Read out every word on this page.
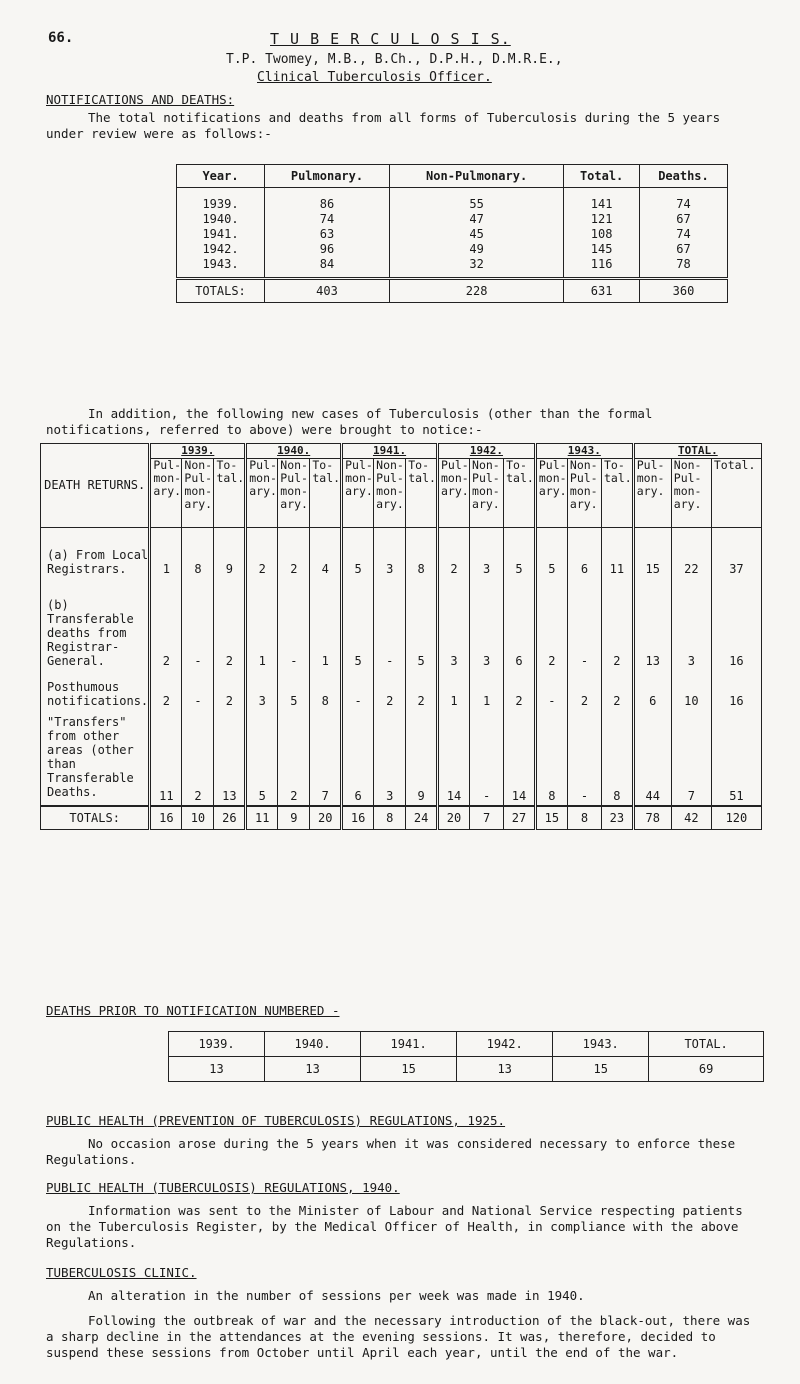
66.	T U B E R C U L O S I S.
T.P. Twomey, M.B., B.Ch., D.P.H., D.M.R.E.,
Clinical Tuberculosis Officer.
NOTIFICATIONS AND DEATHS:
The total notifications and deaths from all forms of Tuberculosis during the 5 years under review were as follows:-
Year.	Pulmonary.	Non-Pulmonary.	Total.	Deaths.
1939.	86	55	141	74
1940.	74	47	121	67
1941.	63	45	108	74
1942.	96	49	145	67
1943.	84	32	116	78
TOTALS:	403	228	631	360
In addition, the following new cases of Tuberculosis (other than the formal notifications, referred to above) were brought to notice:-
DEATH RETURNS.	1939.			1940.			1941.			1942.			1943.			TOTAL.		
	Pul- mon- ary.	Non- Pul- mon- ary.	To- tal.	Pul- mon- ary.	Non- Pul- mon- ary.	To- tal.	Pul- mon- ary.	Non- Pul- mon- ary.	To- tal.	Pul- mon- ary.	Non- Pul- mon- ary.	To- tal.	Pul- mon- ary.	Non- Pul- mon- ary.	To- tal.	Pul- mon- ary.	Non- Pul- mon- ary.	Total.
(a) From Local Registrars.	1	8	9	2	2	4	5	3	8	2	3	5	5	6	11	15	22	37
(b) Transferable deaths from Registrar- General.	2	-	2	1	-	1	5	-	5	3	3	6	2	-	2	13	3	16
Posthumous notifications.	2	-	2	3	5	8	-	2	2	1	1	2	-	2	2	6	10	16
"Transfers" from other areas (other than Transferable Deaths.	11	2	13	5	2	7	6	3	9	14	-	14	8	-	8	44	7	51
TOTALS:	16	10	26	11	9	20	16	8	24	20	7	27	15	8	23	78	42	120
DEATHS PRIOR TO NOTIFICATION NUMBERED -
1939.	1940.	1941.	1942.	1943.	TOTAL.
13	13	15	13	15	69
PUBLIC HEALTH (PREVENTION OF TUBERCULOSIS) REGULATIONS, 1925.
No occasion arose during the 5 years when it was considered necessary to enforce these Regulations.
PUBLIC HEALTH (TUBERCULOSIS) REGULATIONS, 1940.
Information was sent to the Minister of Labour and National Service respecting patients on the Tuberculosis Register, by the Medical Officer of Health, in compliance with the above Regulations.
TUBERCULOSIS CLINIC.
An alteration in the number of sessions per week was made in 1940.
Following the outbreak of war and the necessary introduction of the black-out, there was a sharp decline in the attendances at the evening sessions. It was, therefore, decided to suspend these sessions from October until April each year, until the end of the war.
